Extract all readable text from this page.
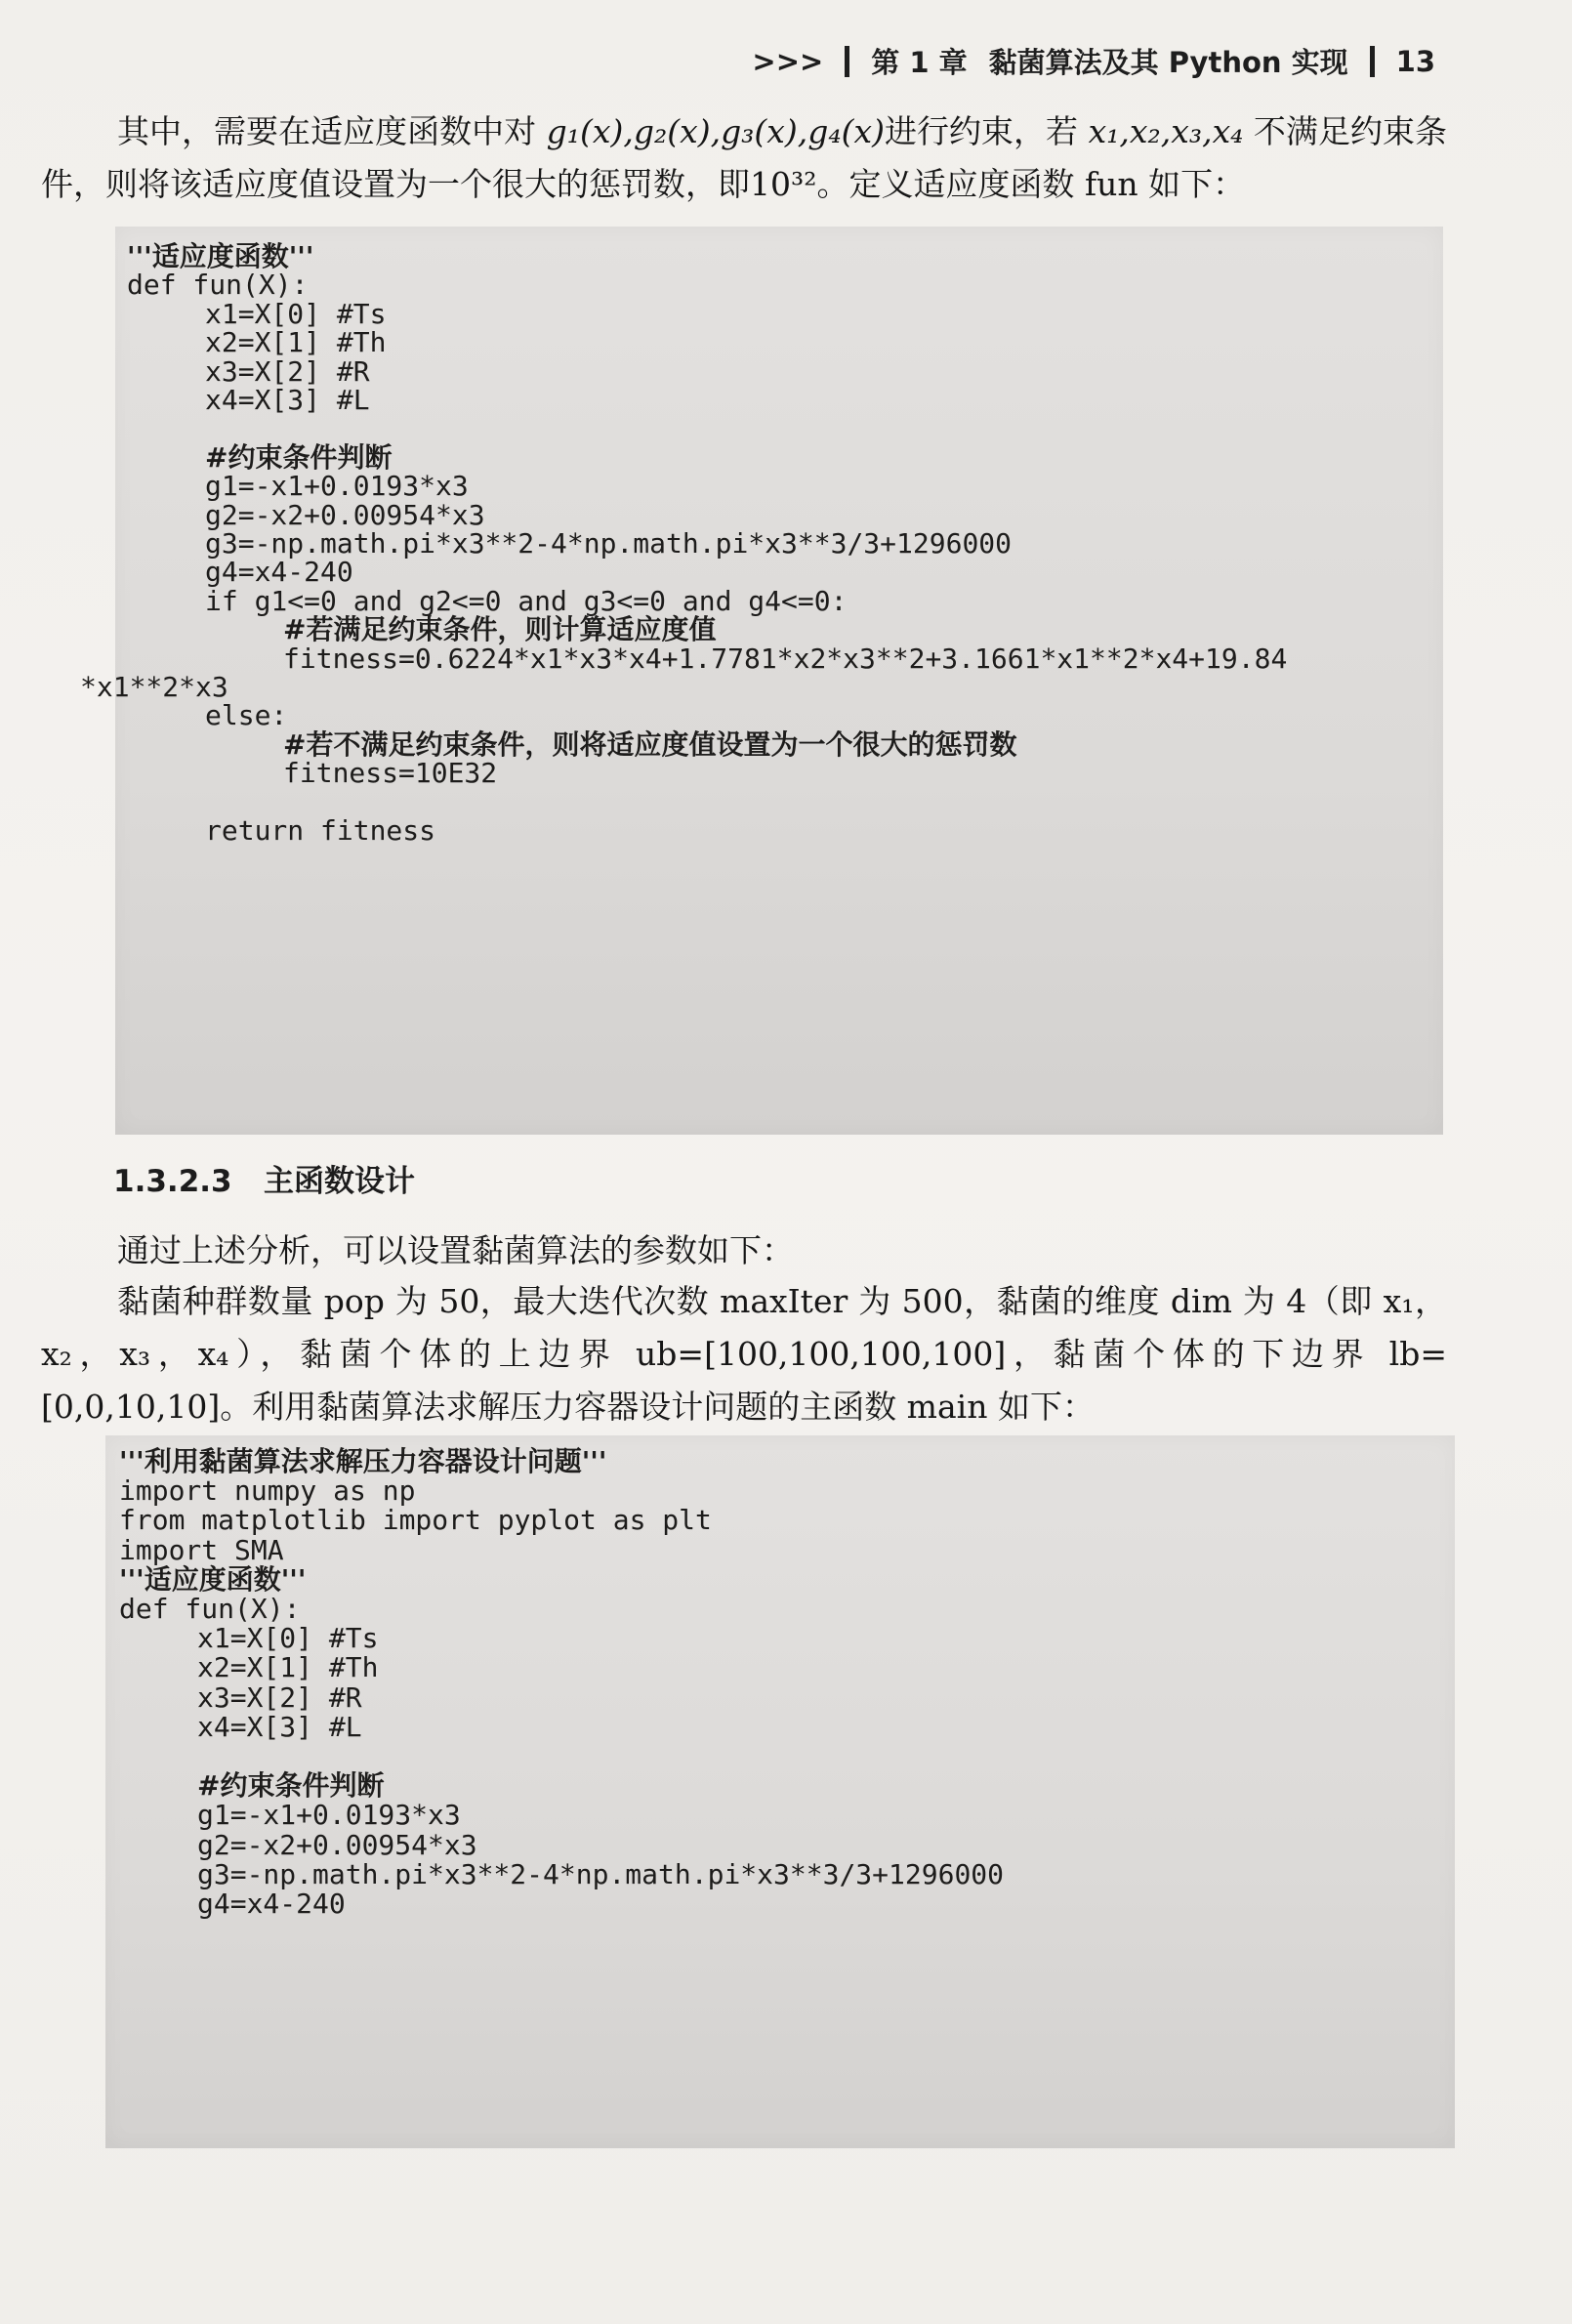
>>> 第 1 章 黏菌算法及其 Python 实现 13
其中，需要在适应度函数中对 g₁(x),g₂(x),g₃(x),g₄(x)进行约束，若 x₁,x₂,x₃,x₄ 不满足约束条件，则将该适应度值设置为一个很大的惩罚数，即10³²。定义适应度函数 fun 如下：
'''适应度函数'''
def fun(X):
x1=X[0] #Ts
x2=X[1] #Th
x3=X[2] #R
x4=X[3] #L
#约束条件判断
g1=-x1+0.0193*x3
g2=-x2+0.00954*x3
g3=-np.math.pi*x3**2-4*np.math.pi*x3**3/3+1296000
g4=x4-240
if g1<=0 and g2<=0 and g3<=0 and g4<=0:
#若满足约束条件，则计算适应度值
fitness=0.6224*x1*x3*x4+1.7781*x2*x3**2+3.1661*x1**2*x4+19.84
*x1**2*x3
else:
#若不满足约束条件，则将适应度值设置为一个很大的惩罚数
fitness=10E32
return fitness
1.3.2.3 主函数设计
通过上述分析，可以设置黏菌算法的参数如下：
黏菌种群数量 pop 为 50，最大迭代次数 maxIter 为 500，黏菌的维度 dim 为 4（即 x₁，x₂，x₃，x₄），黏菌个体的上边界 ub=[100,100,100,100]，黏菌个体的下边界 lb=[0,0,10,10]。利用黏菌算法求解压力容器设计问题的主函数 main 如下：
'''利用黏菌算法求解压力容器设计问题'''
import numpy as np
from matplotlib import pyplot as plt
import SMA
'''适应度函数'''
def fun(X):
x1=X[0] #Ts
x2=X[1] #Th
x3=X[2] #R
x4=X[3] #L
#约束条件判断
g1=-x1+0.0193*x3
g2=-x2+0.00954*x3
g3=-np.math.pi*x3**2-4*np.math.pi*x3**3/3+1296000
g4=x4-240
